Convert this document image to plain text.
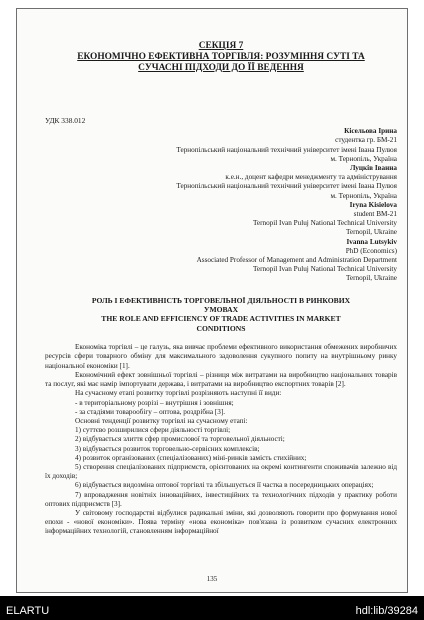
СЕКЦІЯ 7

ЕКОНОМІЧНО ЕФЕКТИВНА ТОРГІВЛЯ: РОЗУМІННЯ СУТІ ТА

СУЧАСНІ ПІДХОДИ ДО ЇЇ ВЕДЕННЯ

УДК 338.012
Кісельова Ірина
студентка гр. БМ-21
Тернопільський національний технічний університет імені Івана Пулюя
м. Тернопіль, Україна
Луцків Іванна
к.е.н., доцент кафедри менеджменту та адміністрування
Тернопільський національний технічний університет імені Івана Пулюя
м. Тернопіль, Україна
Iryna Kisielova
student BM-21
Ternopil Ivan Puluj National Technical University
Ternopil, Ukraine
Ivanna Lutsykiv
PhD (Economics)
Associated Professor of Management and Administration Department
Ternopil Ivan Puluj National Technical University
Ternopil, Ukraine
РОЛЬ І ЕФЕКТИВНІСТЬ ТОРГОВЕЛЬНОЇ ДІЯЛЬНОСТІ В РИНКОВИХ
УМОВАХ
THE ROLE AND EFFICIENCY OF TRADE ACTIVITIES IN MARKET
CONDITIONS

Економіка торгівлі – це галузь, яка вивчає проблеми ефективного використання обмежених виробничих ресурсів сфери товарного обміну для максимального задоволення сукупного попиту на внутрішньому ринку національної економіки [1].

Економічний ефект зовнішньої торгівлі – різниця між витратами на виробництво національних товарів та послуг, які має намір імпортувати держава, і витратами на виробництво експортних товарів [2].

На сучасному етапі розвитку торгівлі розрізняють наступні її види:

- в територіальному розрізі – внутрішня і зовнішня;

- за стадіями товарообігу – оптова, роздрібна [3].

Основні тенденції розвитку торгівлі на сучасному етапі:

1) суттєво розширилися сфери діяльності торгівлі;

2) відбувається злиття сфер промислової та торговельної діяльності;

3) відбувається розвиток торговельно-сервісних комплексів;

4) розвиток організованих (спеціалізованих) міні-ринків замість стихійних;

5) створення спеціалізованих підприємств, орієнтованих на окремі контингенти споживачів залежно від їх доходів;

6) відбувається видозміна оптової торгівлі та збільшується її частка в посередницьких операціях;

7) впровадження новітніх інноваційних, інвестиційних та технологічних підходів у практику роботи оптових підприємств [3].

У світовому господарстві відбулися радикальні зміни, які дозволяють говорити про формування нової епохи - «нової економіки». Поява терміну «нова економіка» пов'язана із розвитком сучасних електронних інформаційних технологій, становленням інформаційної

135
ELARTU	hdl:lib/39284
